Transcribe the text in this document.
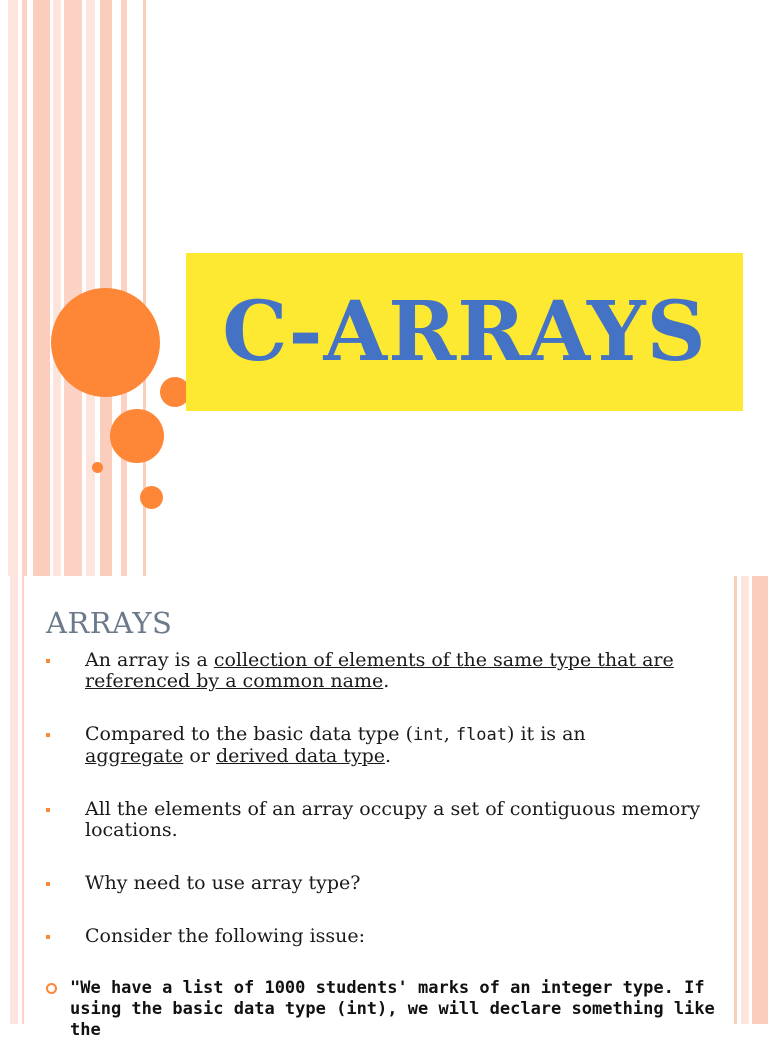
C-ARRAYS
ARRAYS
An array is a collection of elements of the same type that are referenced by a common name.
Compared to the basic data type (int, float) it is an
aggregate or derived data type.
All the elements of an array occupy a set of contiguous memory locations.
Why need to use array type?
Consider the following issue:
"We have a list of 1000 students' marks of an integer type. If using the basic data type (int), we will declare something like the
